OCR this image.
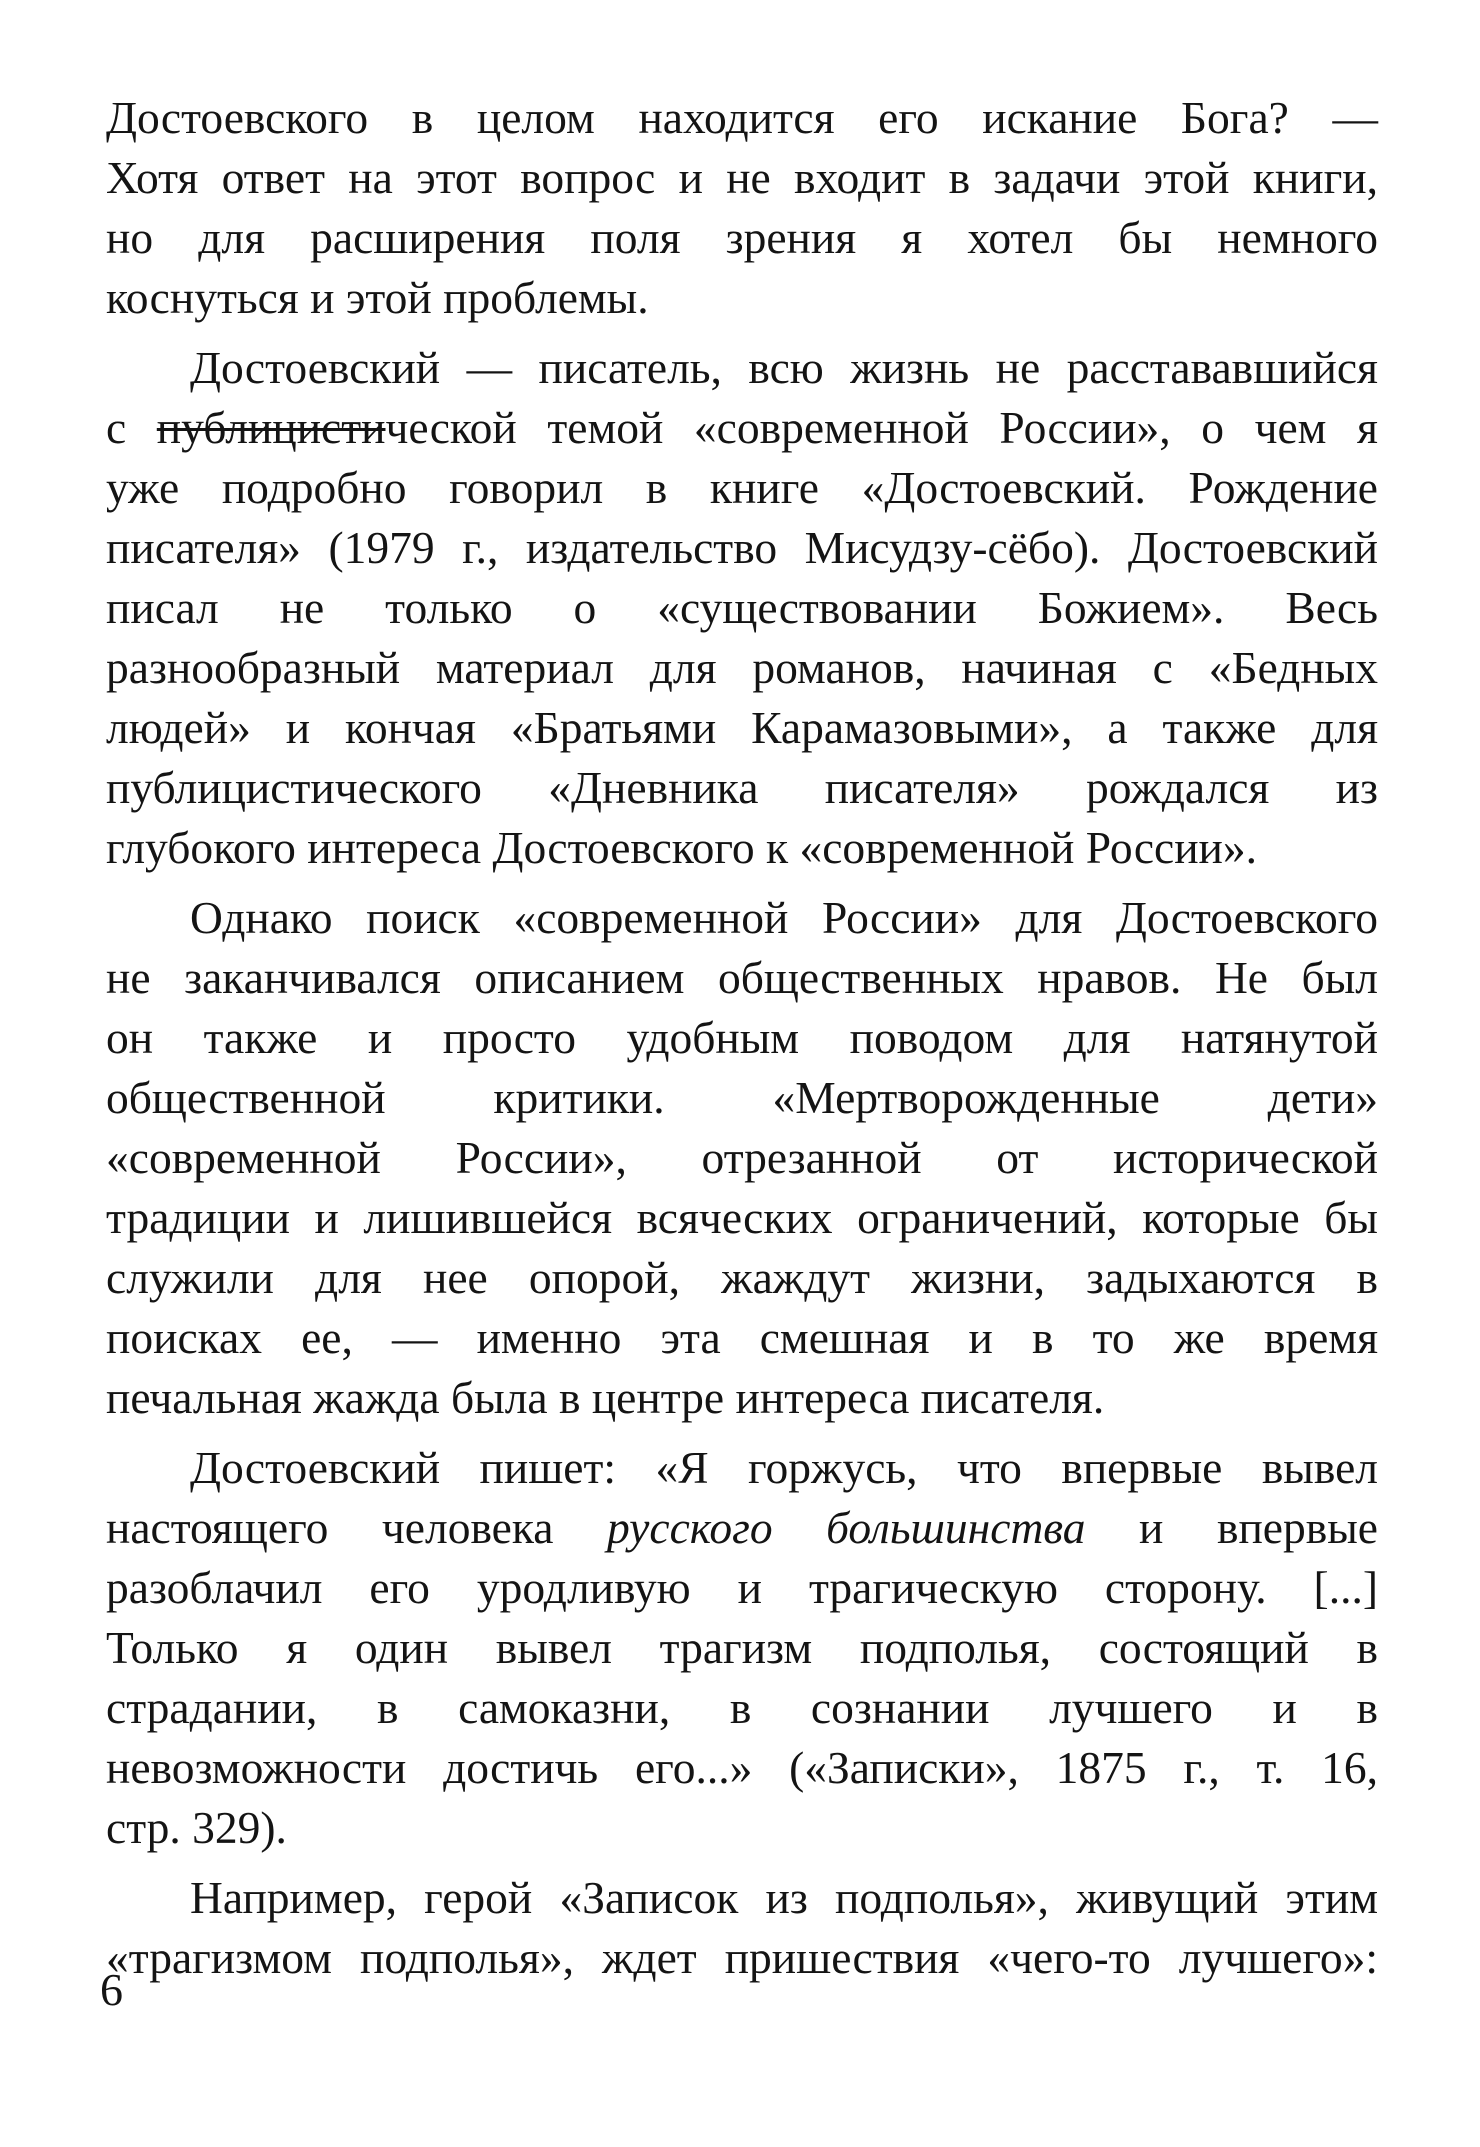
Достоевского в целом находится его искание Бога? —
Хотя ответ на этот вопрос и не входит в задачи этой книги,
но для расширения поля зрения я хотел бы немного
коснуться и этой проблемы.

Достоевский — писатель, всю жизнь не расстававшийся
с публицистической темой «современной России», о чем я
уже подробно говорил в книге «Достоевский. Рождение
писателя» (1979 г., издательство Мисудзу-сёбо). Достоевский
писал не только о «существовании Божием». Весь
разнообразный материал для романов, начиная с «Бедных
людей» и кончая «Братьями Карамазовыми», а также для
публицистического «Дневника писателя» рождался из
глубокого интереса Достоевского к «современной России».

Однако поиск «современной России» для Достоевского
не заканчивался описанием общественных нравов. Не был
он также и просто удобным поводом для натянутой
общественной критики. «Мертворожденные дети»
«современной России», отрезанной от исторической
традиции и лишившейся всяческих ограничений, которые бы
служили для нее опорой, жаждут жизни, задыхаются в
поисках ее, — именно эта смешная и в то же время
печальная жажда была в центре интереса писателя.

Достоевский пишет: «Я горжусь, что впервые вывел
настоящего человека русского большинства и впервые
разоблачил его уродливую и трагическую сторону. [...]
Только я один вывел трагизм подполья, состоящий в
страдании, в самоказни, в сознании лучшего и в
невозможности достичь его...» («Записки», 1875 г., т. 16,
стр. 329).

Например, герой «Записок из подполья», живущий этим
«трагизмом подполья», ждет пришествия «чего-то лучшего»:

6
